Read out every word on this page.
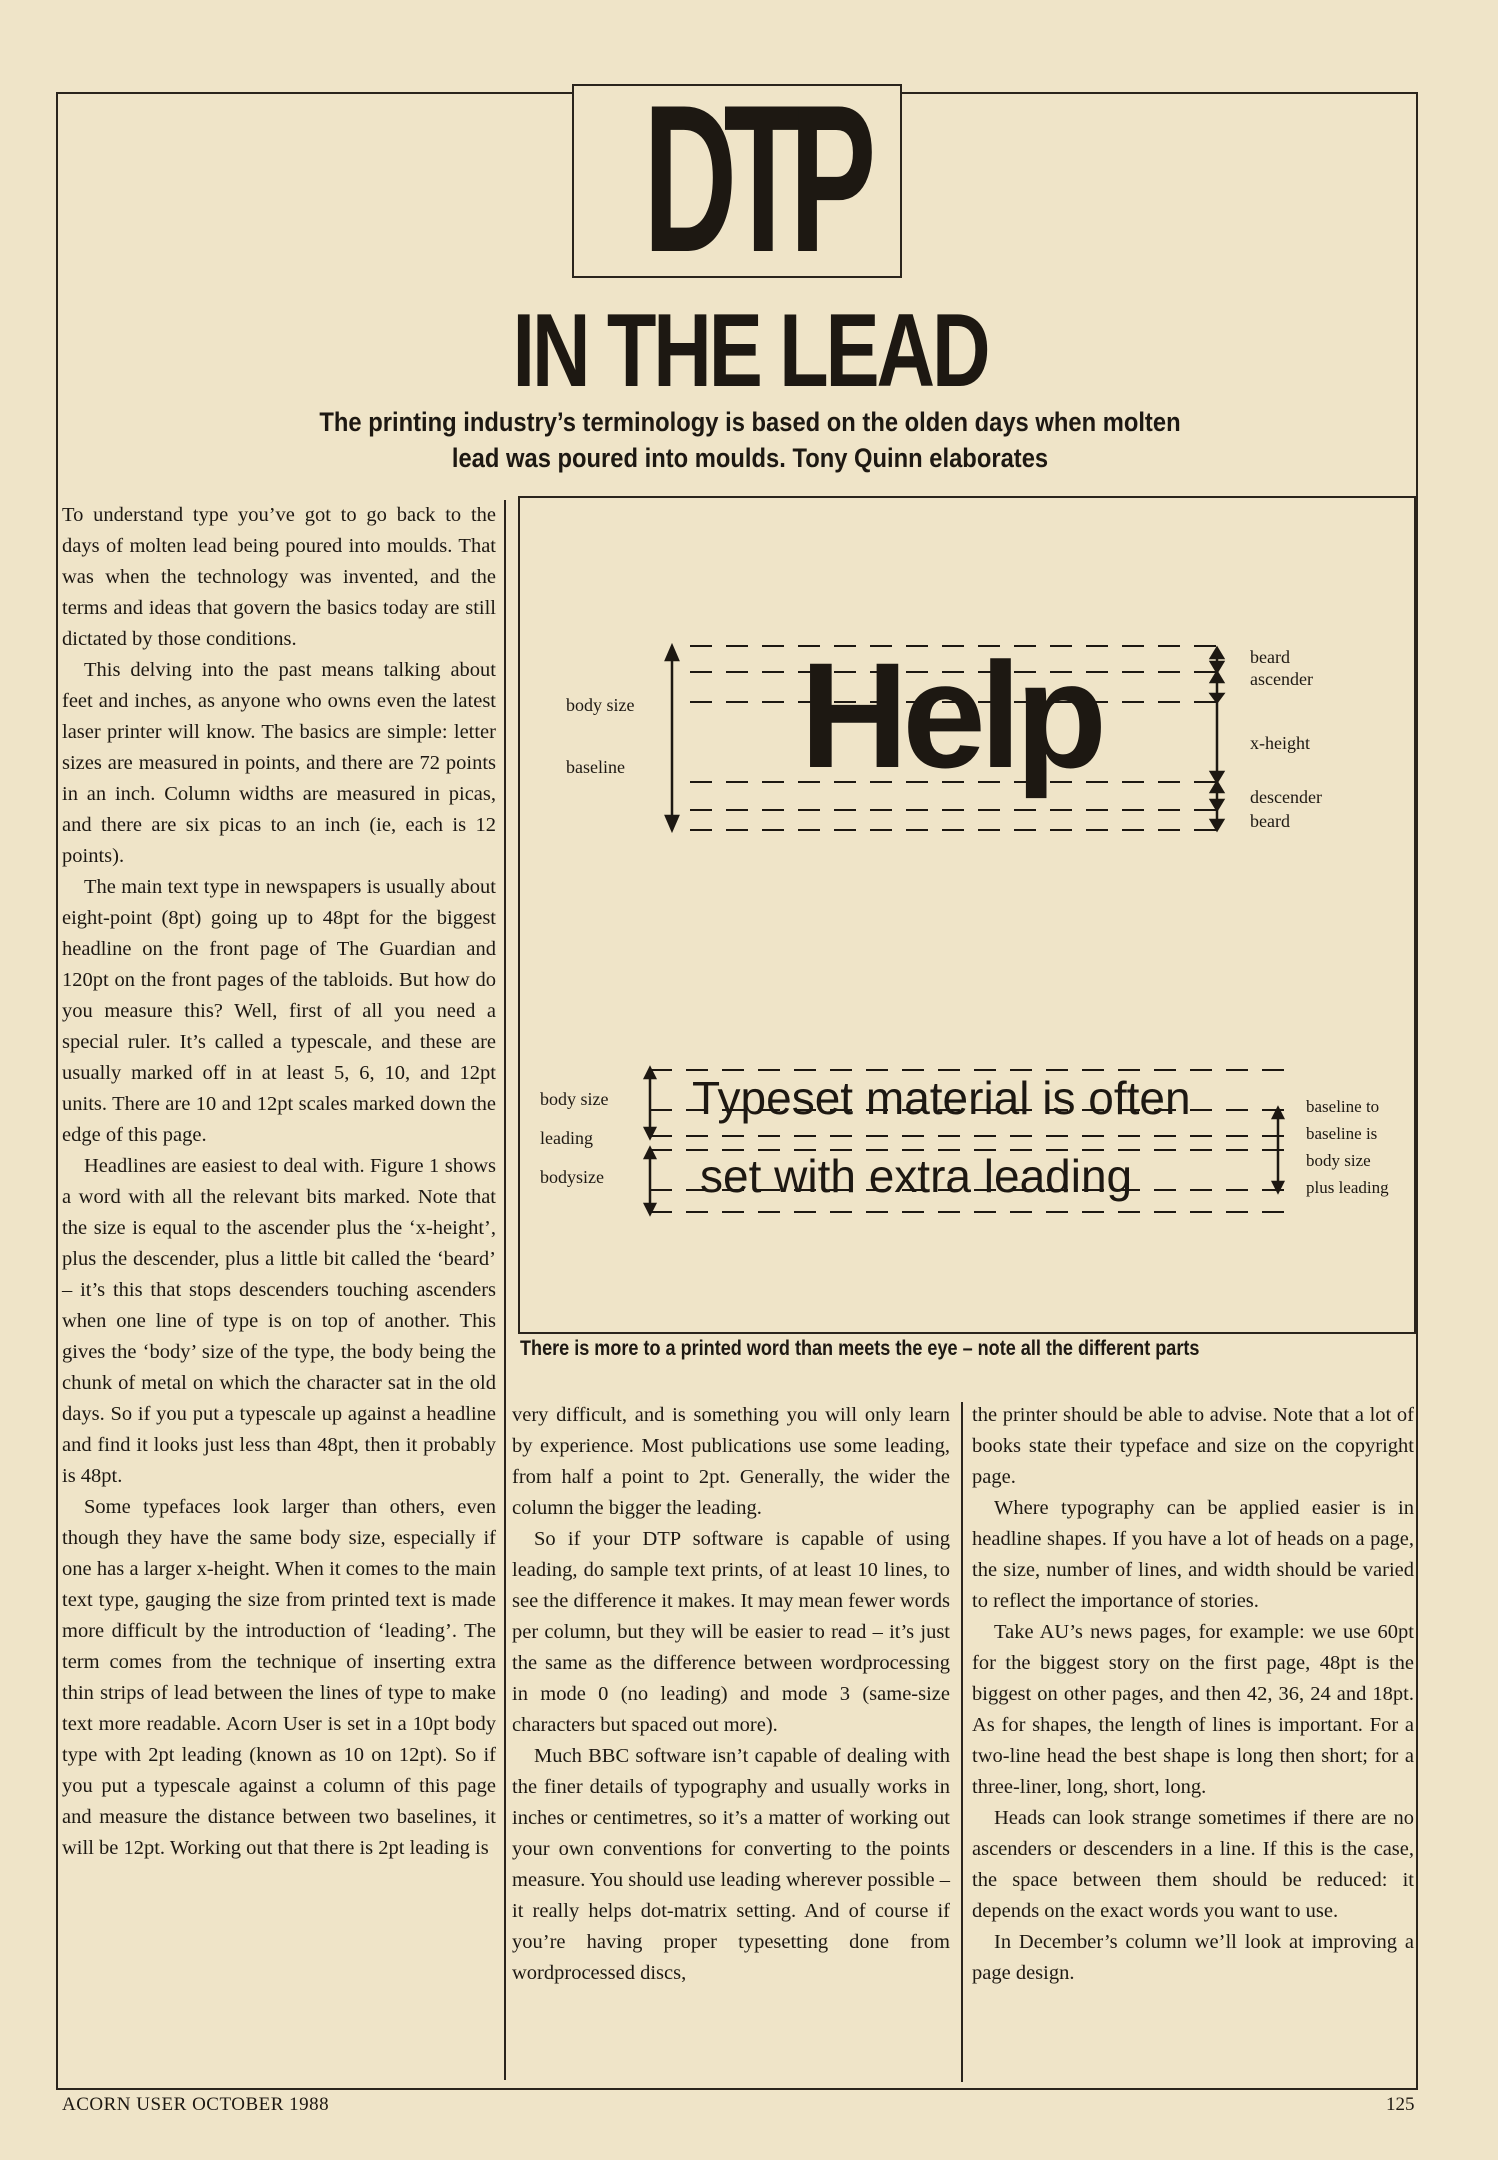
DTP
IN THE LEAD
The printing industry’s terminology is based on the olden days when molten lead was poured into moulds. Tony Quinn elaborates

To understand type you’ve got to go back to the days of molten lead being poured into moulds. That was when the technology was invented, and the terms and ideas that govern the basics today are still dictated by those conditions.

This delving into the past means talking about feet and inches, as anyone who owns even the latest laser printer will know. The basics are simple: letter sizes are measured in points, and there are 72 points in an inch. Column widths are measured in picas, and there are six picas to an inch (ie, each is 12 points).

The main text type in newspapers is usually about eight-point (8pt) going up to 48pt for the biggest headline on the front page of The Guardian and 120pt on the front pages of the tabloids. But how do you measure this? Well, first of all you need a special ruler. It’s called a typescale, and these are usually marked off in at least 5, 6, 10, and 12pt units. There are 10 and 12pt scales marked down the edge of this page.

Headlines are easiest to deal with. Figure 1 shows a word with all the relevant bits marked. Note that the size is equal to the ascender plus the ‘x-height’, plus the descender, plus a little bit called the ‘beard’ – it’s this that stops descenders touching ascenders when one line of type is on top of another. This gives the ‘body’ size of the type, the body being the chunk of metal on which the character sat in the old days. So if you put a typescale up against a headline and find it looks just less than 48pt, then it probably is 48pt.

Some typefaces look larger than others, even though they have the same body size, especially if one has a larger x-height. When it comes to the main text type, gauging the size from printed text is made more difficult by the introduction of ‘leading’. The term comes from the technique of inserting extra thin strips of lead between the lines of type to make text more readable. Acorn User is set in a 10pt body type with 2pt leading (known as 10 on 12pt). So if you put a typescale against a column of this page and measure the distance between two baselines, it will be 12pt. Working out that there is 2pt leading is

Help
body size
baseline
beard
ascender
x-height
descender
beard
Typeset material is often
set with extra leading
body size
leading
bodysize
baseline to
baseline is
body size
plus leading
There is more to a printed word than meets the eye – note all the different parts

very difficult, and is something you will only learn by experience. Most publications use some leading, from half a point to 2pt. Generally, the wider the column the bigger the leading.

So if your DTP software is capable of using leading, do sample text prints, of at least 10 lines, to see the difference it makes. It may mean fewer words per column, but they will be easier to read – it’s just the same as the difference between wordprocessing in mode 0 (no leading) and mode 3 (same-size characters but spaced out more).

Much BBC software isn’t capable of dealing with the finer details of typography and usually works in inches or centimetres, so it’s a matter of working out your own conventions for converting to the points measure. You should use leading wherever possible – it really helps dot-matrix setting. And of course if you’re having proper typesetting done from wordprocessed discs,

the printer should be able to advise. Note that a lot of books state their typeface and size on the copyright page.

Where typography can be applied easier is in headline shapes. If you have a lot of heads on a page, the size, number of lines, and width should be varied to reflect the importance of stories.

Take AU’s news pages, for example: we use 60pt for the biggest story on the first page, 48pt is the biggest on other pages, and then 42, 36, 24 and 18pt. As for shapes, the length of lines is important. For a two-line head the best shape is long then short; for a three-liner, long, short, long.

Heads can look strange sometimes if there are no ascenders or descenders in a line. If this is the case, the space between them should be reduced: it depends on the exact words you want to use.

In December’s column we’ll look at improving a page design.

ACORN USER OCTOBER 1988	125
